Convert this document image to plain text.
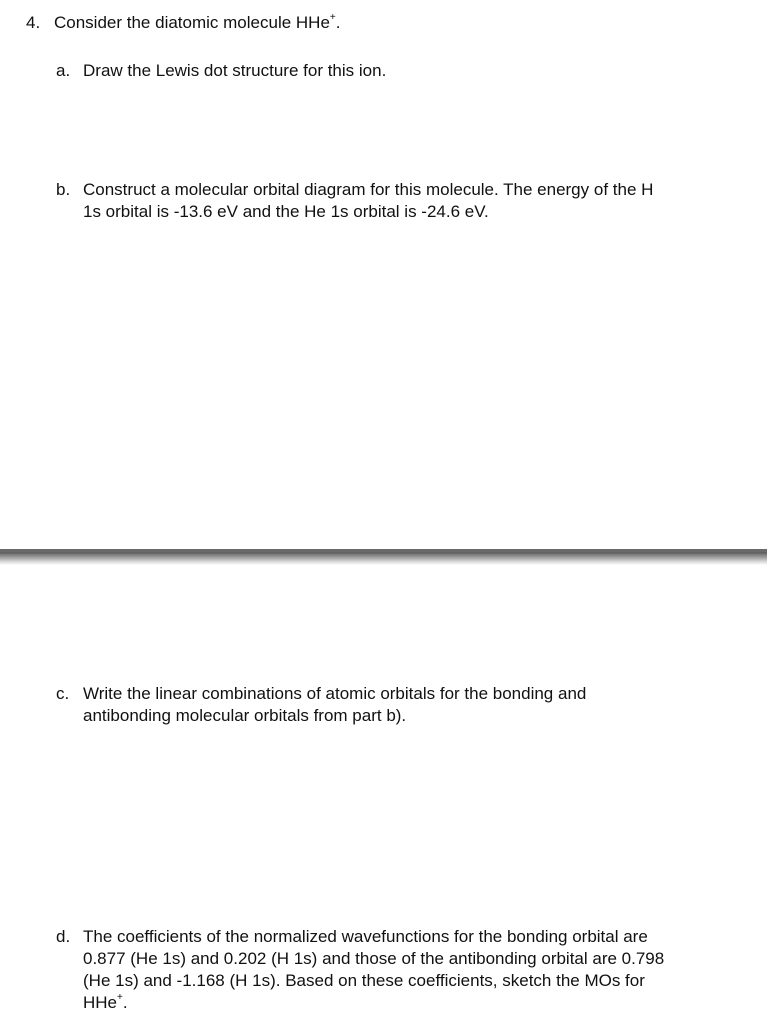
4. Consider the diatomic molecule HHe+.
a. Draw the Lewis dot structure for this ion.
b. Construct a molecular orbital diagram for this molecule. The energy of the H
1s orbital is -13.6 eV and the He 1s orbital is -24.6 eV.
c. Write the linear combinations of atomic orbitals for the bonding and
antibonding molecular orbitals from part b).
d. The coefficients of the normalized wavefunctions for the bonding orbital are
0.877 (He 1s) and 0.202 (H 1s) and those of the antibonding orbital are 0.798
(He 1s) and -1.168 (H 1s). Based on these coefficients, sketch the MOs for
HHe+.
